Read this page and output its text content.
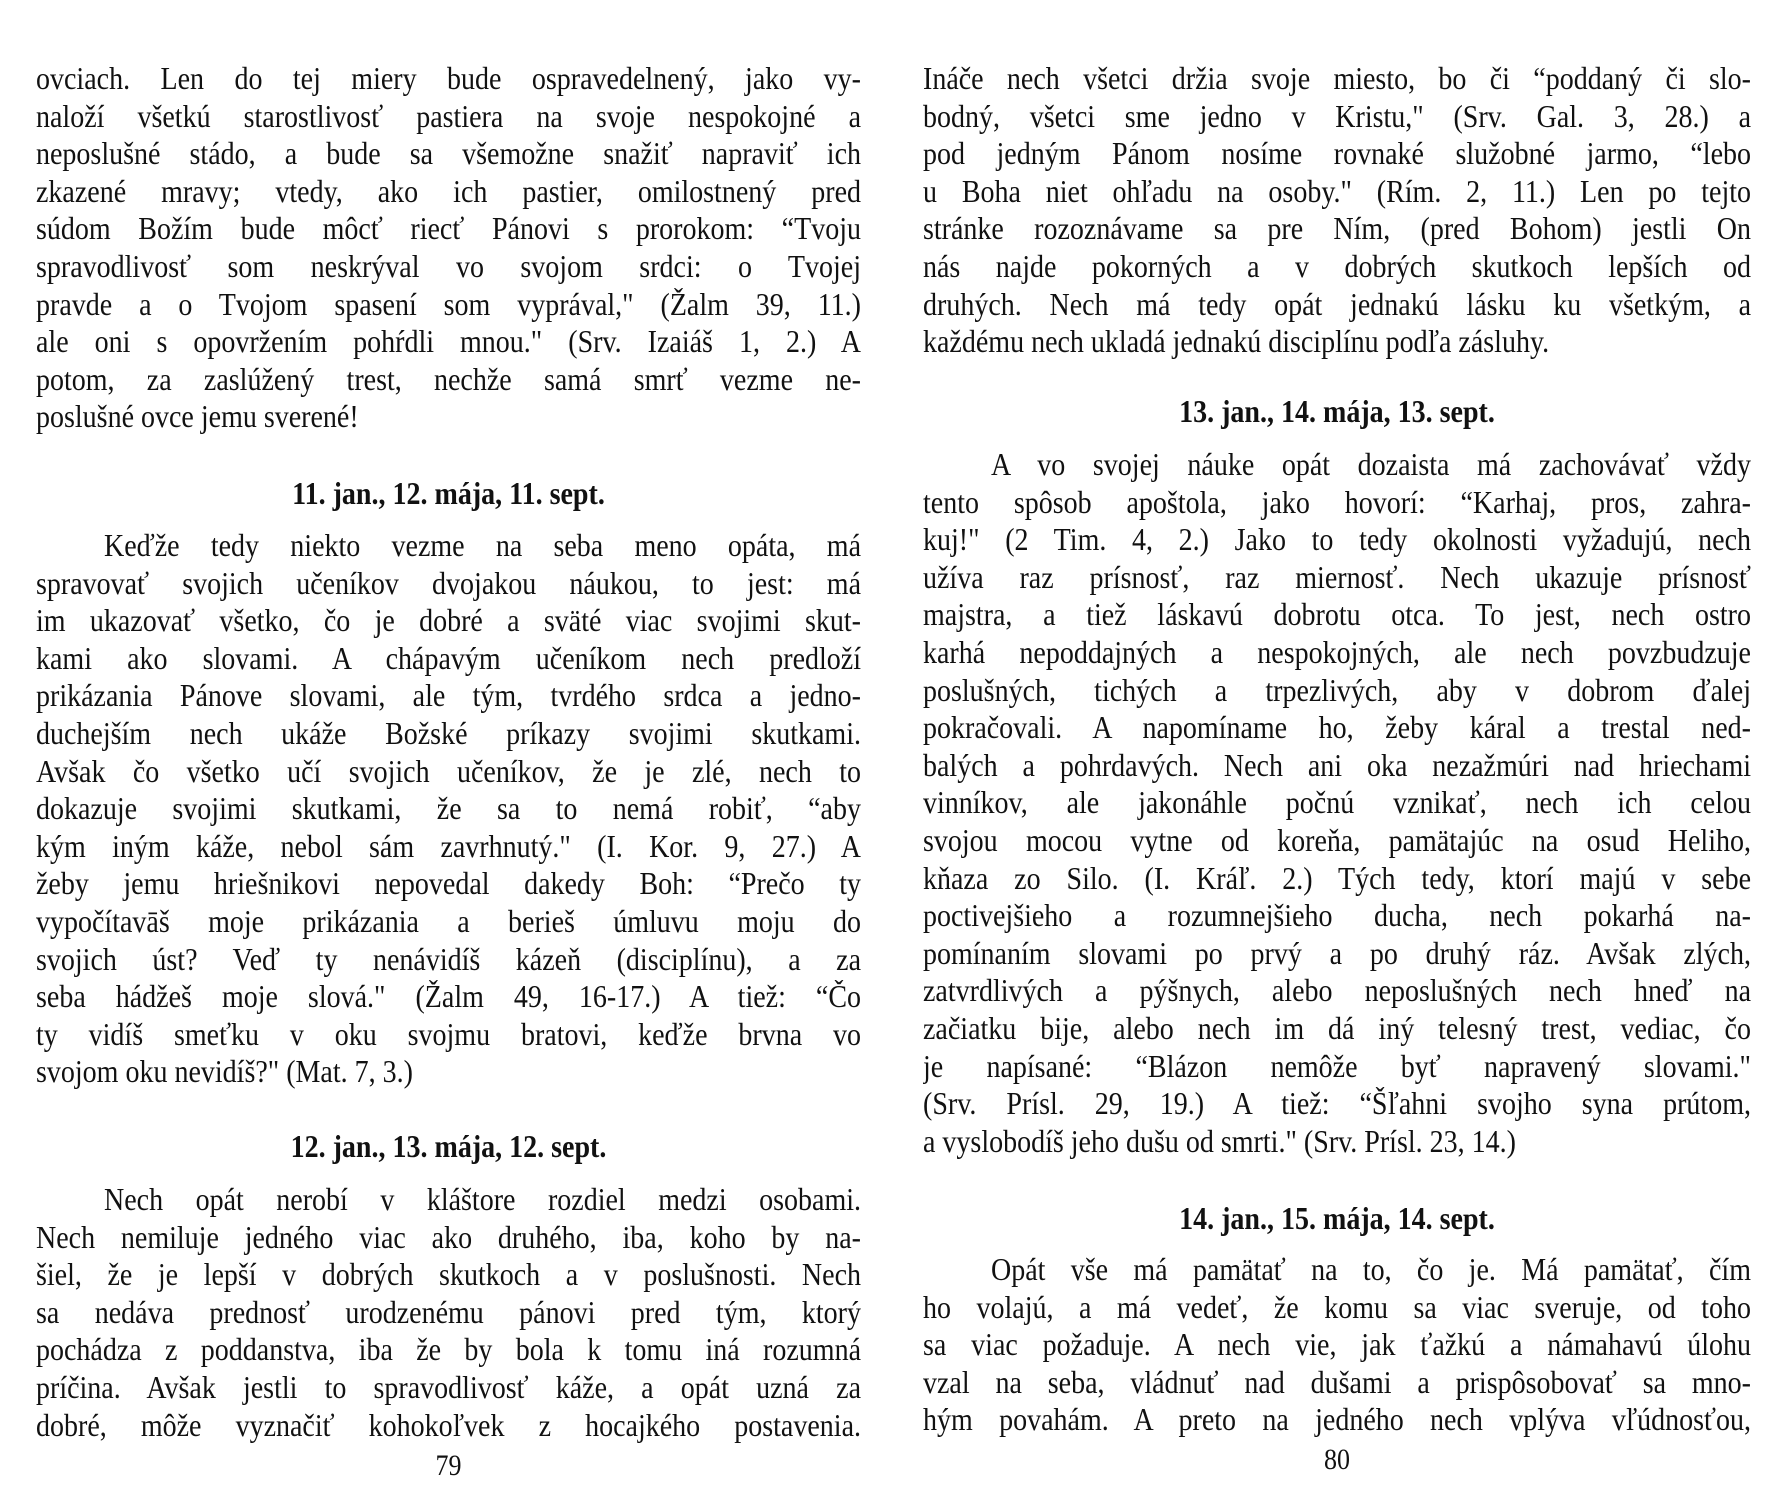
ovciach. Len do tej miery bude ospravedelnený, jako vy-
naloží všetkú starostlivosť pastiera na svoje nespokojné a
neposlušné stádo, a bude sa všemožne snažiť napraviť ich
zkazené mravy; vtedy, ako ich pastier, omilostnený pred
súdom Božím bude môcť riecť Pánovi s prorokom: “Tvoju
spravodlivosť som neskrýval vo svojom srdci: o Tvojej
pravde a o Tvojom spasení som vyprával," (Žalm 39, 11.)
ale oni s opovržením pohŕdli mnou." (Srv. Izaiáš 1, 2.) A
potom, za zaslúžený trest, nechže samá smrť vezme ne-
poslušné ovce jemu sverené!
11. jan., 12. mája, 11. sept.
Keďže tedy niekto vezme na seba meno opáta, má
spravovať svojich učeníkov dvojakou náukou, to jest: má
im ukazovať všetko, čo je dobré a sväté viac svojimi skut-
kami ako slovami. A chápavým učeníkom nech predloží
prikázania Pánove slovami, ale tým, tvrdého srdca a jedno-
duchejším nech ukáže Božské príkazy svojimi skutkami.
Avšak čo všetko učí svojich učeníkov, že je zlé, nech to
dokazuje svojimi skutkami, že sa to nemá robiť, “aby
kým iným káže, nebol sám zavrhnutý." (I. Kor. 9, 27.) A
žeby jemu hriešnikovi nepovedal dakedy Boh: “Prečo ty
vypočítavāš moje prikázania a berieš úmluvu moju do
svojich úst? Veď ty nenávidíš kázeň (disciplínu), a za
seba hádžeš moje slová." (Žalm 49, 16-17.) A tiež: “Čo
ty vidíš smeťku v oku svojmu bratovi, keďže brvna vo
svojom oku nevidíš?" (Mat. 7, 3.)
12. jan., 13. mája, 12. sept.
Nech opát nerobí v kláštore rozdiel medzi osobami.
Nech nemiluje jedného viac ako druhého, iba, koho by na-
šiel, že je lepší v dobrých skutkoch a v poslušnosti. Nech
sa nedáva prednosť urodzenému pánovi pred tým, ktorý
pochádza z poddanstva, iba že by bola k tomu iná rozumná
príčina. Avšak jestli to spravodlivosť káže, a opát uzná za
dobré, môže vyznačiť kohokoľvek z hocajkého postavenia.
79
Ináče nech všetci držia svoje miesto, bo či “poddaný či slo-
bodný, všetci sme jedno v Kristu," (Srv. Gal. 3, 28.) a
pod jedným Pánom nosíme rovnaké služobné jarmo, “lebo
u Boha niet ohľadu na osoby." (Rím. 2, 11.) Len po tejto
stránke rozoznávame sa pre Ním, (pred Bohom) jestli On
nás najde pokorných a v dobrých skutkoch lepších od
druhých. Nech má tedy opát jednakú lásku ku všetkým, a
každému nech ukladá jednakú disciplínu podľa zásluhy.
13. jan., 14. mája, 13. sept.
A vo svojej náuke opát dozaista má zachovávať vždy
tento spôsob apoštola, jako hovorí: “Karhaj, pros, zahra-
kuj!" (2 Tim. 4, 2.) Jako to tedy okolnosti vyžadujú, nech
užíva raz prísnosť, raz miernosť. Nech ukazuje prísnosť
majstra, a tiež láskavú dobrotu otca. To jest, nech ostro
karhá nepoddajných a nespokojných, ale nech povzbudzuje
poslušných, tichých a trpezlivých, aby v dobrom ďalej
pokračovali. A napomíname ho, žeby káral a trestal ned-
balých a pohrdavých. Nech ani oka nezažmúri nad hriechami
vinníkov, ale jakonáhle počnú vznikať, nech ich celou
svojou mocou vytne od koreňa, pamätajúc na osud Heliho,
kňaza zo Silo. (I. Kráľ. 2.) Tých tedy, ktorí majú v sebe
poctivejšieho a rozumnejšieho ducha, nech pokarhá na-
pomínaním slovami po prvý a po druhý ráz. Avšak zlých,
zatvrdlivých a pýšnych, alebo neposlušných nech hneď na
začiatku bije, alebo nech im dá iný telesný trest, vediac, čo
je napísané: “Blázon nemôže byť napravený slovami."
(Srv. Prísl. 29, 19.) A tiež: “Šľahni svojho syna prútom,
a vyslobodíš jeho dušu od smrti." (Srv. Prísl. 23, 14.)
14. jan., 15. mája, 14. sept.
Opát vše má pamätať na to, čo je. Má pamätať, čím
ho volajú, a má vedeť, že komu sa viac sveruje, od toho
sa viac požaduje. A nech vie, jak ťažkú a námahavú úlohu
vzal na seba, vládnuť nad dušami a prispôsobovať sa mno-
hým povahám. A preto na jedného nech vplýva vľúdnosťou,
80
